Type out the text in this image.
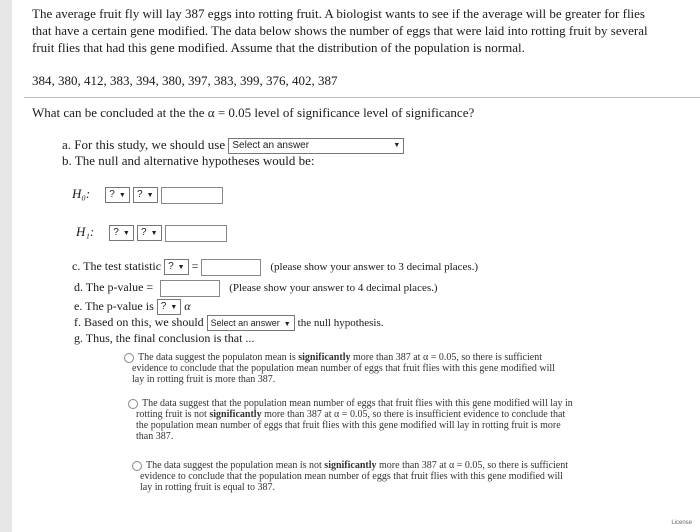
The average fruit fly will lay 387 eggs into rotting fruit. A biologist wants to see if the average will be greater for flies
that have a certain gene modified. The data below shows the number of eggs that were laid into rotting fruit by several
fruit flies that had this gene modified. Assume that the distribution of the population is normal.
384, 380, 412, 383, 394, 380, 397, 383, 399, 376, 402, 387
What can be concluded at the the α = 0.05 level of significance level of significance?
a. For this study, we should use Select an answer	▼
b. The null and alternative hypotheses would be:
H₀: ? ▼ ? ▼
H₁: ? ▼ ? ▼
c. The test statistic ? ▼ =	(please show your answer to 3 decimal places.)
d. The p-value =	(Please show your answer to 4 decimal places.)
e. The p-value is ? ▼ α
f. Based on this, we should Select an answer ▼ the null hypothesis.
g. Thus, the final conclusion is that ...
The data suggest the populaton mean is significantly more than 387 at α = 0.05, so there is sufficient
evidence to conclude that the population mean number of eggs that fruit flies with this gene modified will
lay in rotting fruit is more than 387.
The data suggest that the population mean number of eggs that fruit flies with this gene modified will lay in
rotting fruit is not significantly more than 387 at α = 0.05, so there is insufficient evidence to conclude that
the population mean number of eggs that fruit flies with this gene modified will lay in rotting fruit is more
than 387.
The data suggest the population mean is not significantly more than 387 at α = 0.05, so there is sufficient
evidence to conclude that the population mean number of eggs that fruit flies with this gene modified will
lay in rotting fruit is equal to 387.
License
